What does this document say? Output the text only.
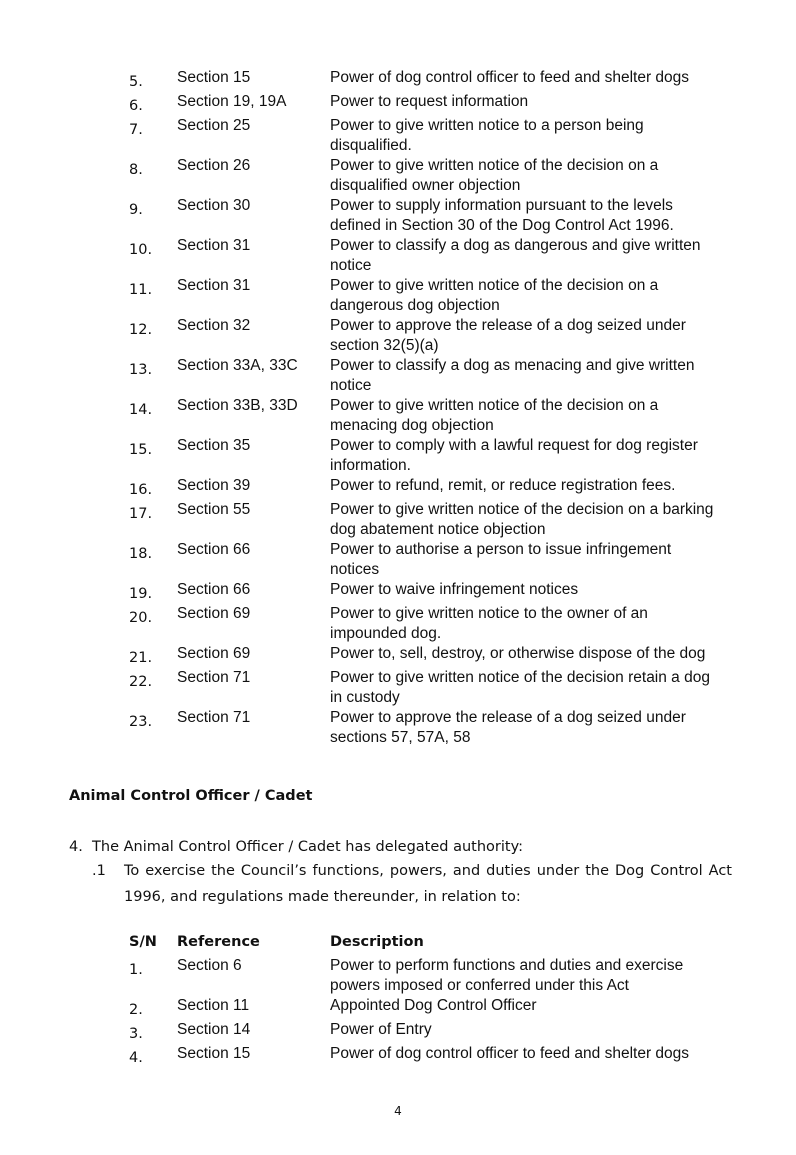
5.	Section 15	Power of dog control officer to feed and shelter dogs
6.	Section 19, 19A	Power to request information
7.	Section 25	Power to give written notice to a person being disqualified.
8.	Section 26	Power to give written notice of the decision on a disqualified owner objection
9.	Section 30	Power to supply information pursuant to the levels defined in Section 30 of the Dog Control Act 1996.
10.	Section 31	Power to classify a dog as dangerous and give written notice
11.	Section 31	Power to give written notice of the decision on a dangerous dog objection
12.	Section 32	Power to approve the release of a dog seized under section 32(5)(a)
13.	Section 33A, 33C	Power to classify a dog as menacing and give written notice
14.	Section 33B, 33D	Power to give written notice of the decision on a menacing dog objection
15.	Section 35	Power to comply with a lawful request for dog register information.
16.	Section 39	Power to refund, remit, or reduce registration fees.
17.	Section 55	Power to give written notice of the decision on a barking dog abatement notice objection
18.	Section 66	Power to authorise a person to issue infringement notices
19.	Section 66	Power to waive infringement notices
20.	Section 69	Power to give written notice to the owner of an impounded dog.
21.	Section 69	Power to, sell, destroy, or otherwise dispose of the dog
22.	Section 71	Power to give written notice of the decision retain a dog in custody
23.	Section 71	Power to approve the release of a dog seized under sections 57, 57A, 58
Animal Control Officer / Cadet
4.  The Animal Control Officer / Cadet has delegated authority:
.1 To exercise the Council’s functions, powers, and duties under the Dog Control Act 1996, and regulations made thereunder, in relation to:
S/N	Reference	Description
1.	Section 6	Power to perform functions and duties and exercise powers imposed or conferred under this Act
2.	Section 11	Appointed Dog Control Officer
3.	Section 14	Power of Entry
4.	Section 15	Power of dog control officer to feed and shelter dogs
4
